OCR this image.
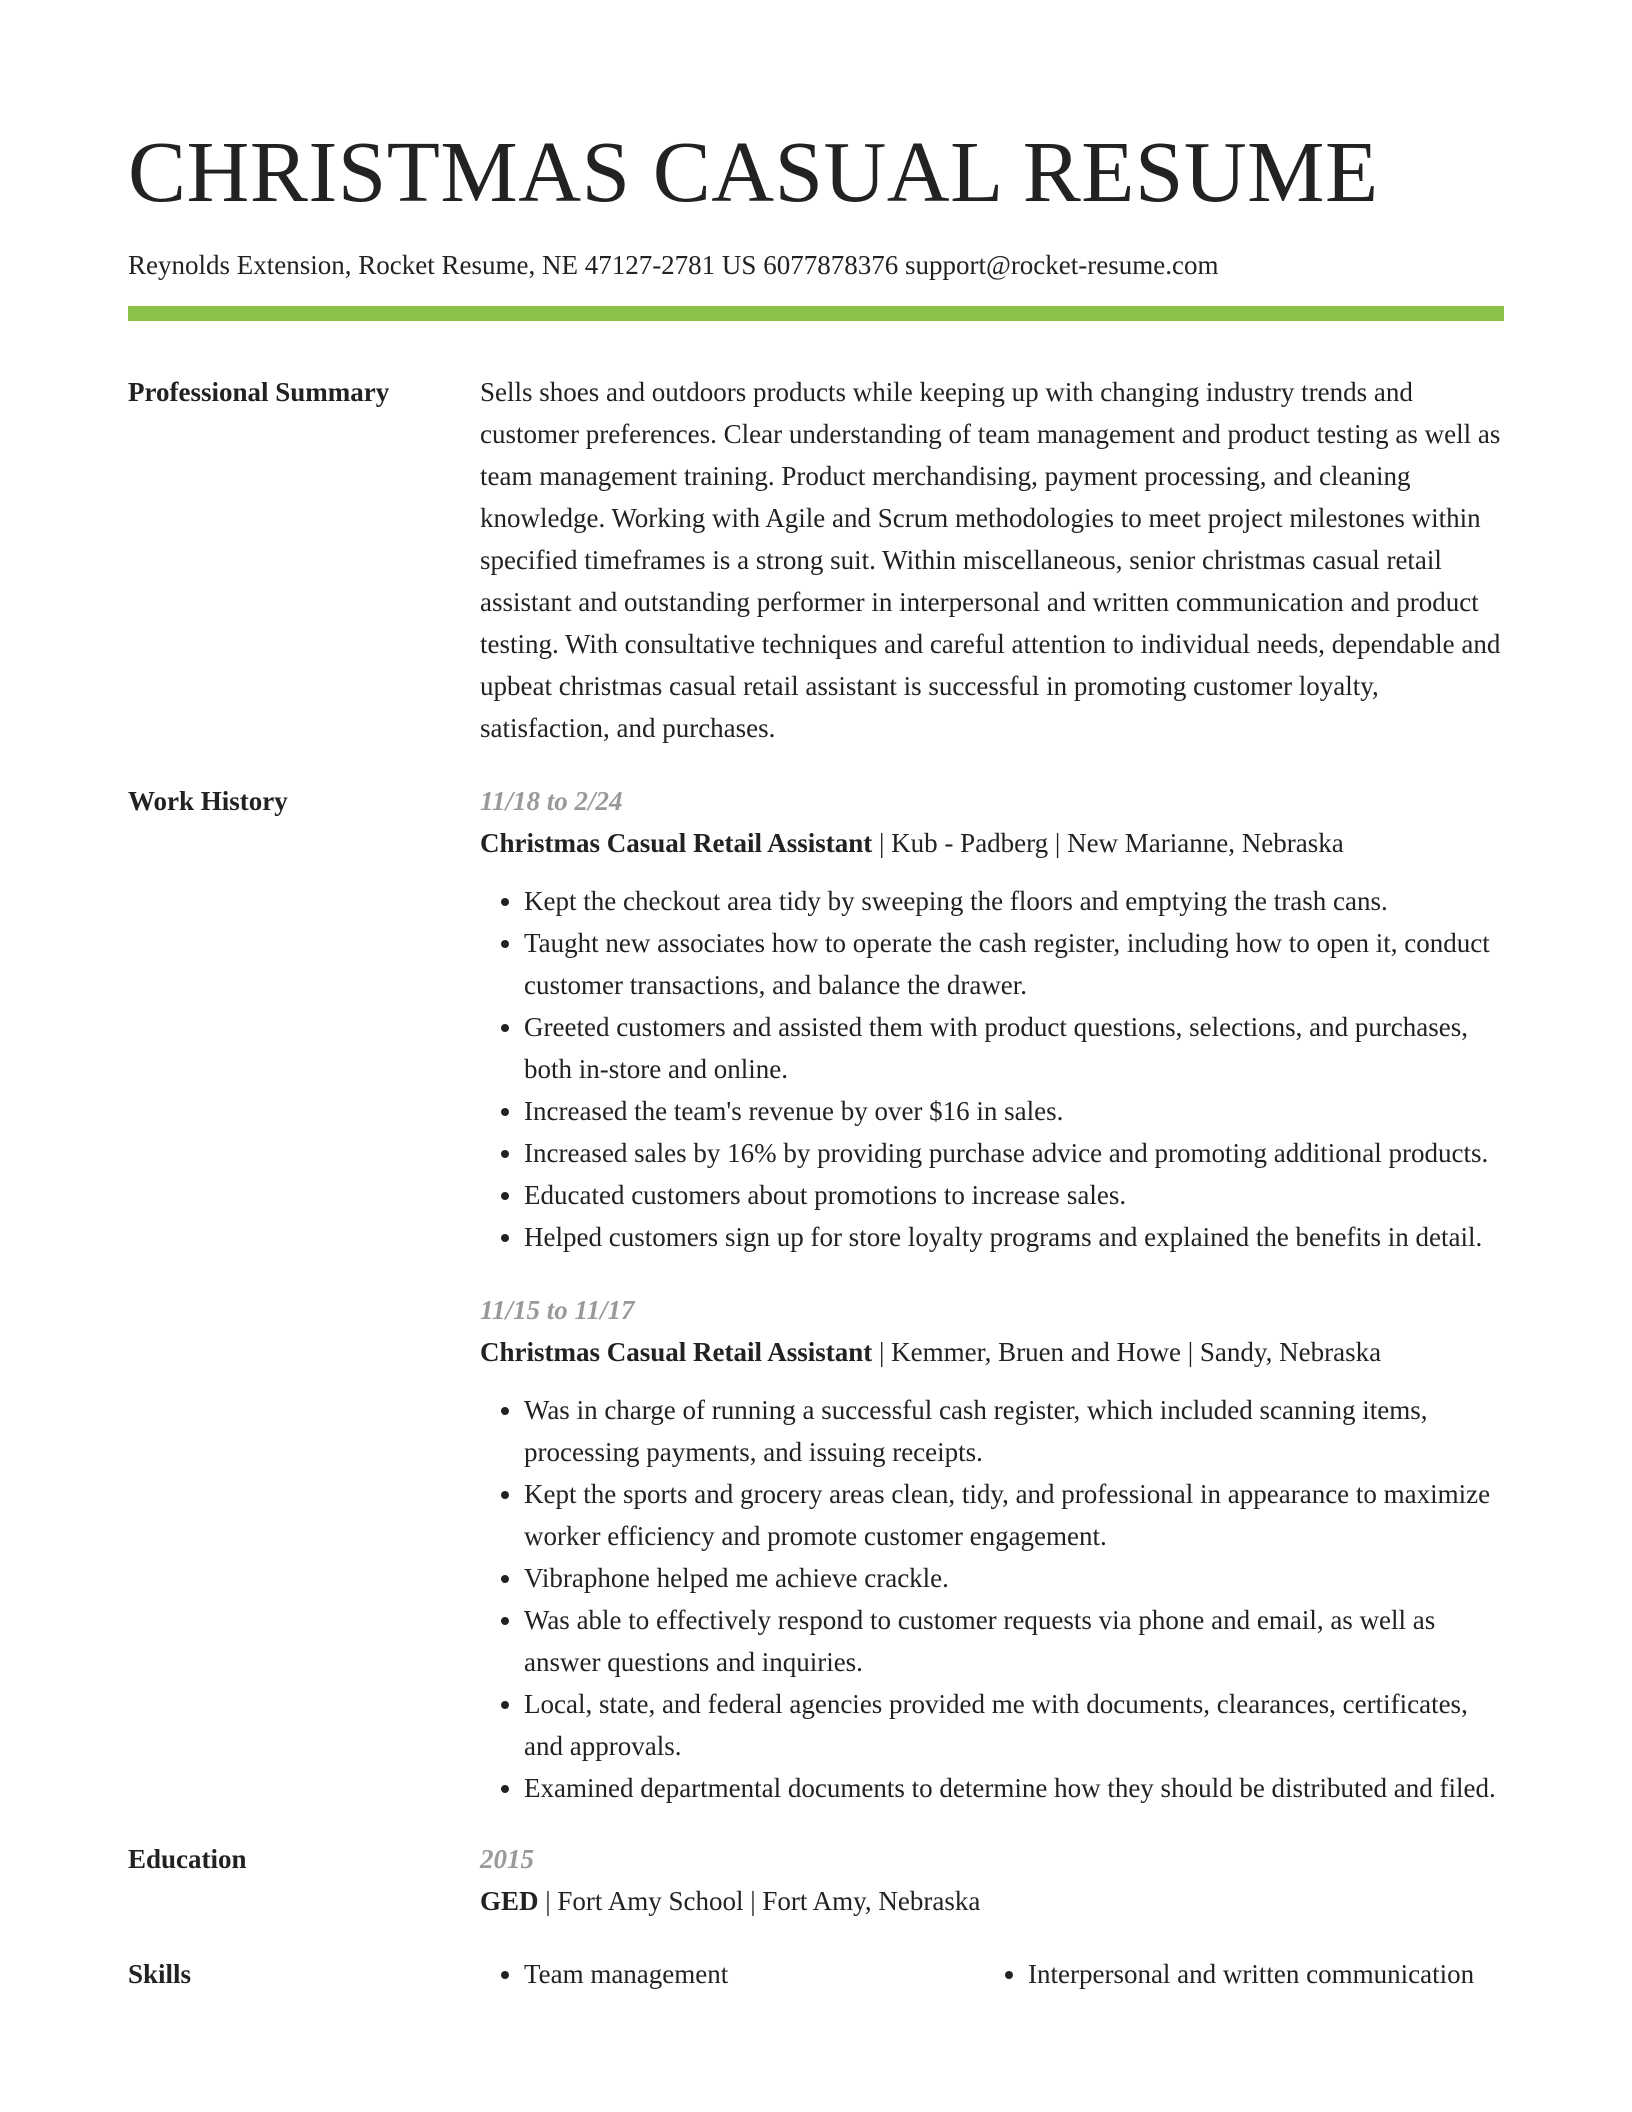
CHRISTMAS CASUAL RESUME
Reynolds Extension, Rocket Resume, NE 47127-2781 US 6077878376 support@rocket-resume.com
Professional Summary	Sells shoes and outdoors products while keeping up with changing industry trends and customer preferences. Clear understanding of team management and product testing as well as team management training. Product merchandising, payment processing, and cleaning knowledge. Working with Agile and Scrum methodologies to meet project milestones within specified timeframes is a strong suit. Within miscellaneous, senior christmas casual retail assistant and outstanding performer in interpersonal and written communication and product testing. With consultative techniques and careful attention to individual needs, dependable and upbeat christmas casual retail assistant is successful in promoting customer loyalty, satisfaction, and purchases.

Work History	11/18 to 2/24
Christmas Casual Retail Assistant | Kub - Padberg | New Marianne, Nebraska
• Kept the checkout area tidy by sweeping the floors and emptying the trash cans.
• Taught new associates how to operate the cash register, including how to open it, conduct customer transactions, and balance the drawer.
• Greeted customers and assisted them with product questions, selections, and purchases, both in-store and online.
• Increased the team's revenue by over $16 in sales.
• Increased sales by 16% by providing purchase advice and promoting additional products.
• Educated customers about promotions to increase sales.
• Helped customers sign up for store loyalty programs and explained the benefits in detail.
11/15 to 11/17
Christmas Casual Retail Assistant | Kemmer, Bruen and Howe | Sandy, Nebraska
• Was in charge of running a successful cash register, which included scanning items, processing payments, and issuing receipts.
• Kept the sports and grocery areas clean, tidy, and professional in appearance to maximize worker efficiency and promote customer engagement.
• Vibraphone helped me achieve crackle.
• Was able to effectively respond to customer requests via phone and email, as well as answer questions and inquiries.
• Local, state, and federal agencies provided me with documents, clearances, certificates, and approvals.
• Examined departmental documents to determine how they should be distributed and filed.
Education	2015
GED | Fort Amy School | Fort Amy, Nebraska
Skills	• Team management	• Interpersonal and written communication
